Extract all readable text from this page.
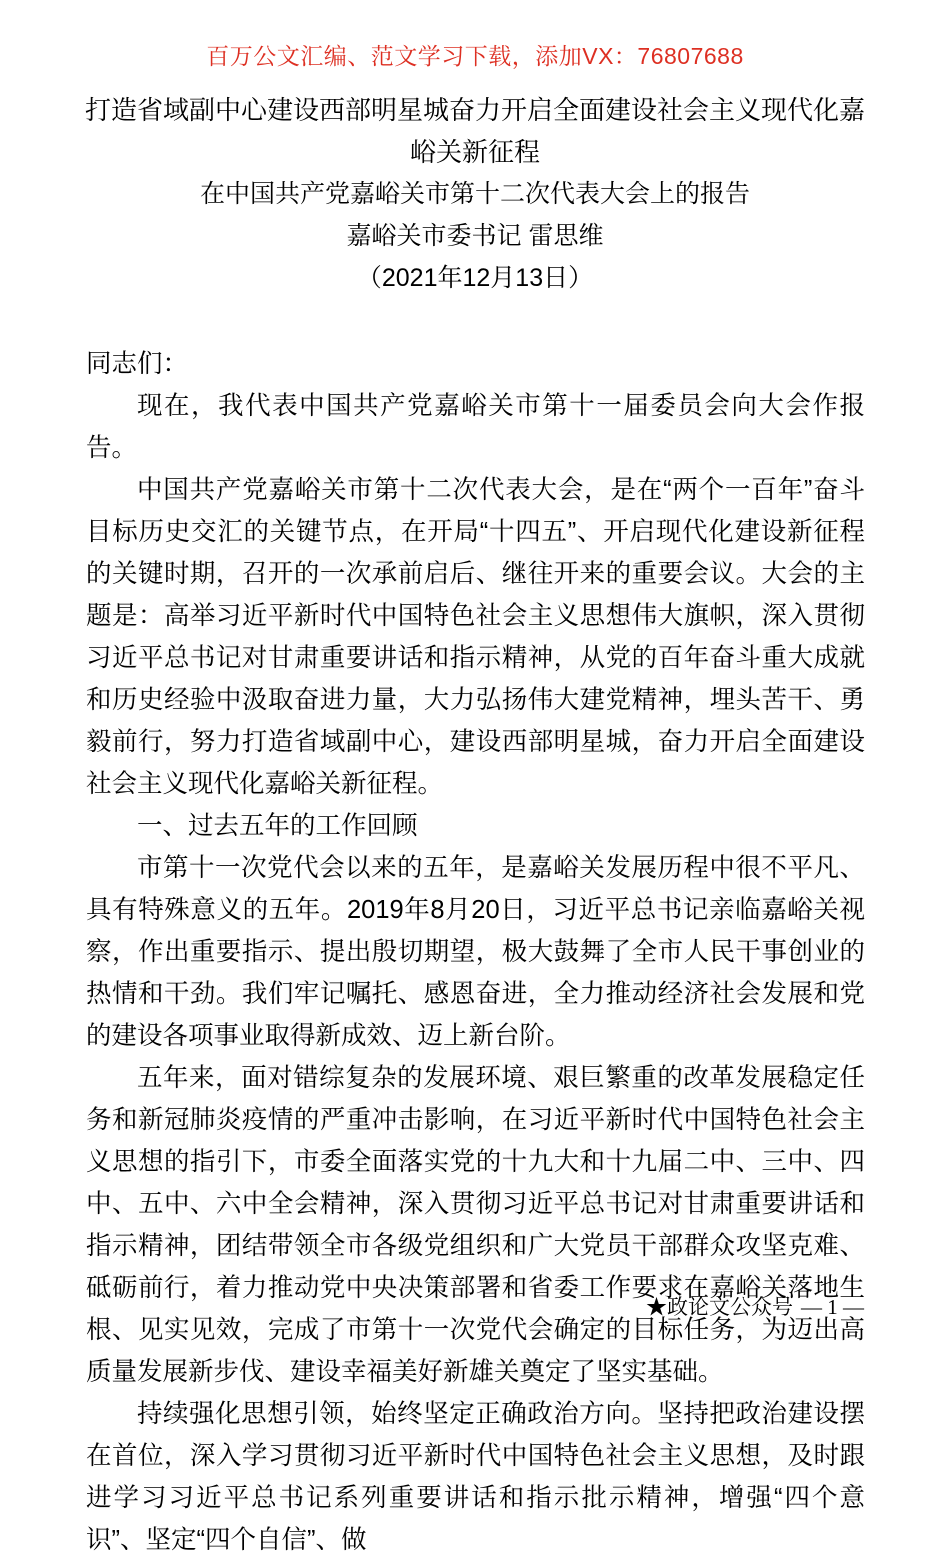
百万公文汇编、范文学习下载，添加VX：76807688
打造省域副中心建设西部明星城奋力开启全面建设社会主义现代化嘉峪关新征程
在中国共产党嘉峪关市第十二次代表大会上的报告
嘉峪关市委书记 雷思维
（2021年12月13日）

同志们：

现在，我代表中国共产党嘉峪关市第十一届委员会向大会作报告。

中国共产党嘉峪关市第十二次代表大会，是在“两个一百年”奋斗目标历史交汇的关键节点，在开局“十四五”、开启现代化建设新征程的关键时期，召开的一次承前启后、继往开来的重要会议。大会的主题是：高举习近平新时代中国特色社会主义思想伟大旗帜，深入贯彻习近平总书记对甘肃重要讲话和指示精神，从党的百年奋斗重大成就和历史经验中汲取奋进力量，大力弘扬伟大建党精神，埋头苦干、勇毅前行，努力打造省域副中心，建设西部明星城，奋力开启全面建设社会主义现代化嘉峪关新征程。

一、过去五年的工作回顾

市第十一次党代会以来的五年，是嘉峪关发展历程中很不平凡、具有特殊意义的五年。2019年8月20日，习近平总书记亲临嘉峪关视察，作出重要指示、提出殷切期望，极大鼓舞了全市人民干事创业的热情和干劲。我们牢记嘱托、感恩奋进，全力推动经济社会发展和党的建设各项事业取得新成效、迈上新台阶。

五年来，面对错综复杂的发展环境、艰巨繁重的改革发展稳定任务和新冠肺炎疫情的严重冲击影响，在习近平新时代中国特色社会主义思想的指引下，市委全面落实党的十九大和十九届二中、三中、四中、五中、六中全会精神，深入贯彻习近平总书记对甘肃重要讲话和指示精神，团结带领全市各级党组织和广大党员干部群众攻坚克难、砥砺前行，着力推动党中央决策部署和省委工作要求在嘉峪关落地生根、见实见效，完成了市第十一次党代会确定的目标任务，为迈出高质量发展新步伐、建设幸福美好新雄关奠定了坚实基础。

持续强化思想引领，始终坚定正确政治方向。坚持把政治建设摆在首位，深入学习贯彻习近平新时代中国特色社会主义思想，及时跟进学习习近平总书记系列重要讲话和指示批示精神，增强“四个意识”、坚定“四个自信”、做

★政论文公众号 — 1 —
